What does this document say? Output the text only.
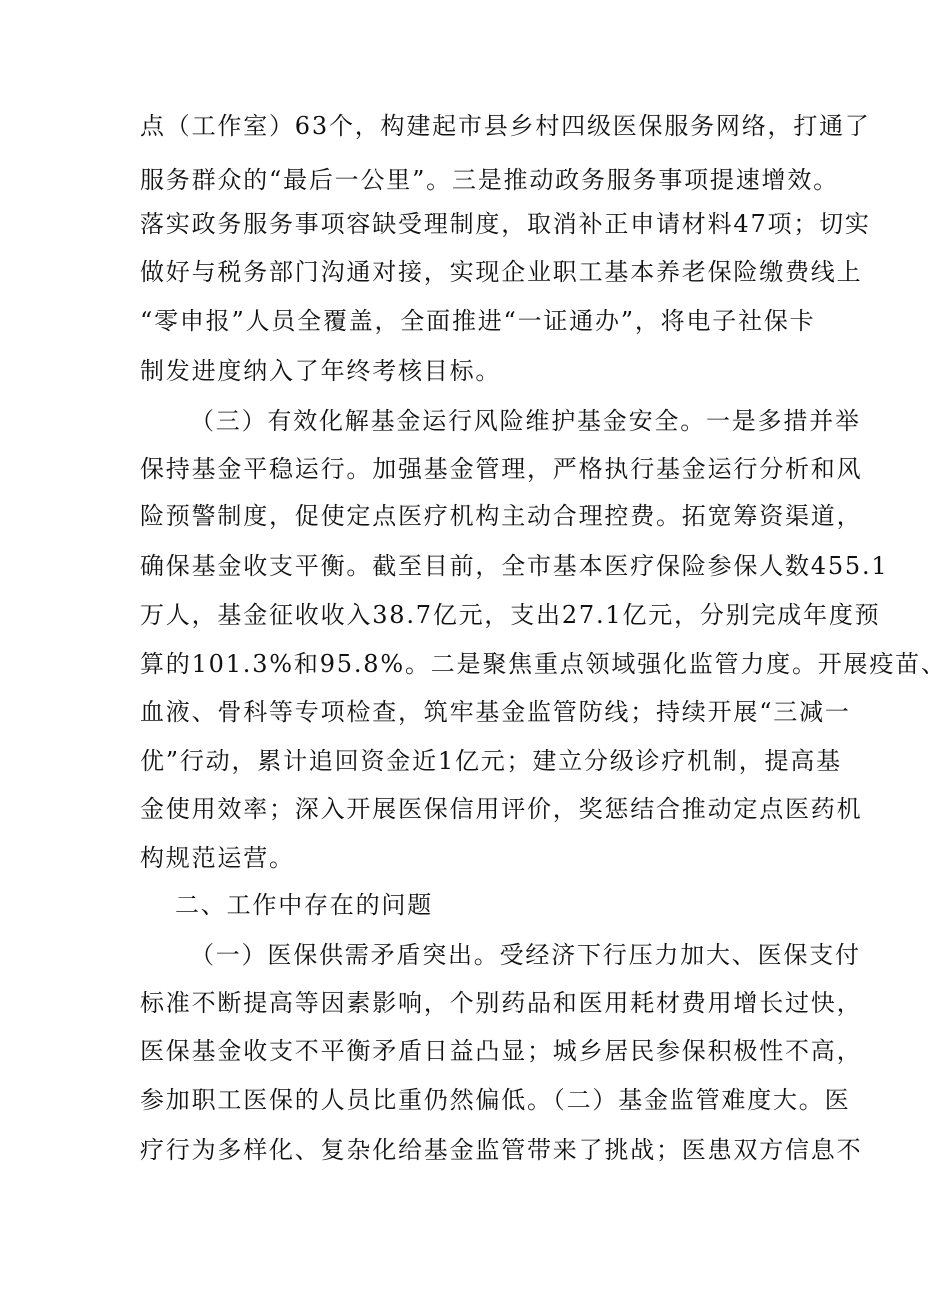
点（工作室）63个，构建起市县乡村四级医保服务网络，打通了
服务群众的“最后一公里”。三是推动政务服务事项提速增效。
落实政务服务事项容缺受理制度，取消补正申请材料47项；切实
做好与税务部门沟通对接，实现企业职工基本养老保险缴费线上
“零申报”人员全覆盖，全面推进“一证通办”，将电子社保卡
制发进度纳入了年终考核目标。
（三）有效化解基金运行风险维护基金安全。一是多措并举
保持基金平稳运行。加强基金管理，严格执行基金运行分析和风
险预警制度，促使定点医疗机构主动合理控费。拓宽筹资渠道，
确保基金收支平衡。截至目前，全市基本医疗保险参保人数455.1
万人，基金征收收入38.7亿元，支出27.1亿元，分别完成年度预
算的101.3%和95.8%。二是聚焦重点领域强化监管力度。开展疫苗、
血液、骨科等专项检查，筑牢基金监管防线；持续开展“三减一
优”行动，累计追回资金近1亿元；建立分级诊疗机制，提高基
金使用效率；深入开展医保信用评价，奖惩结合推动定点医药机
构规范运营。
二、工作中存在的问题
（一）医保供需矛盾突出。受经济下行压力加大、医保支付
标准不断提高等因素影响，个别药品和医用耗材费用增长过快，
医保基金收支不平衡矛盾日益凸显；城乡居民参保积极性不高，
参加职工医保的人员比重仍然偏低。（二）基金监管难度大。医
疗行为多样化、复杂化给基金监管带来了挑战；医患双方信息不
